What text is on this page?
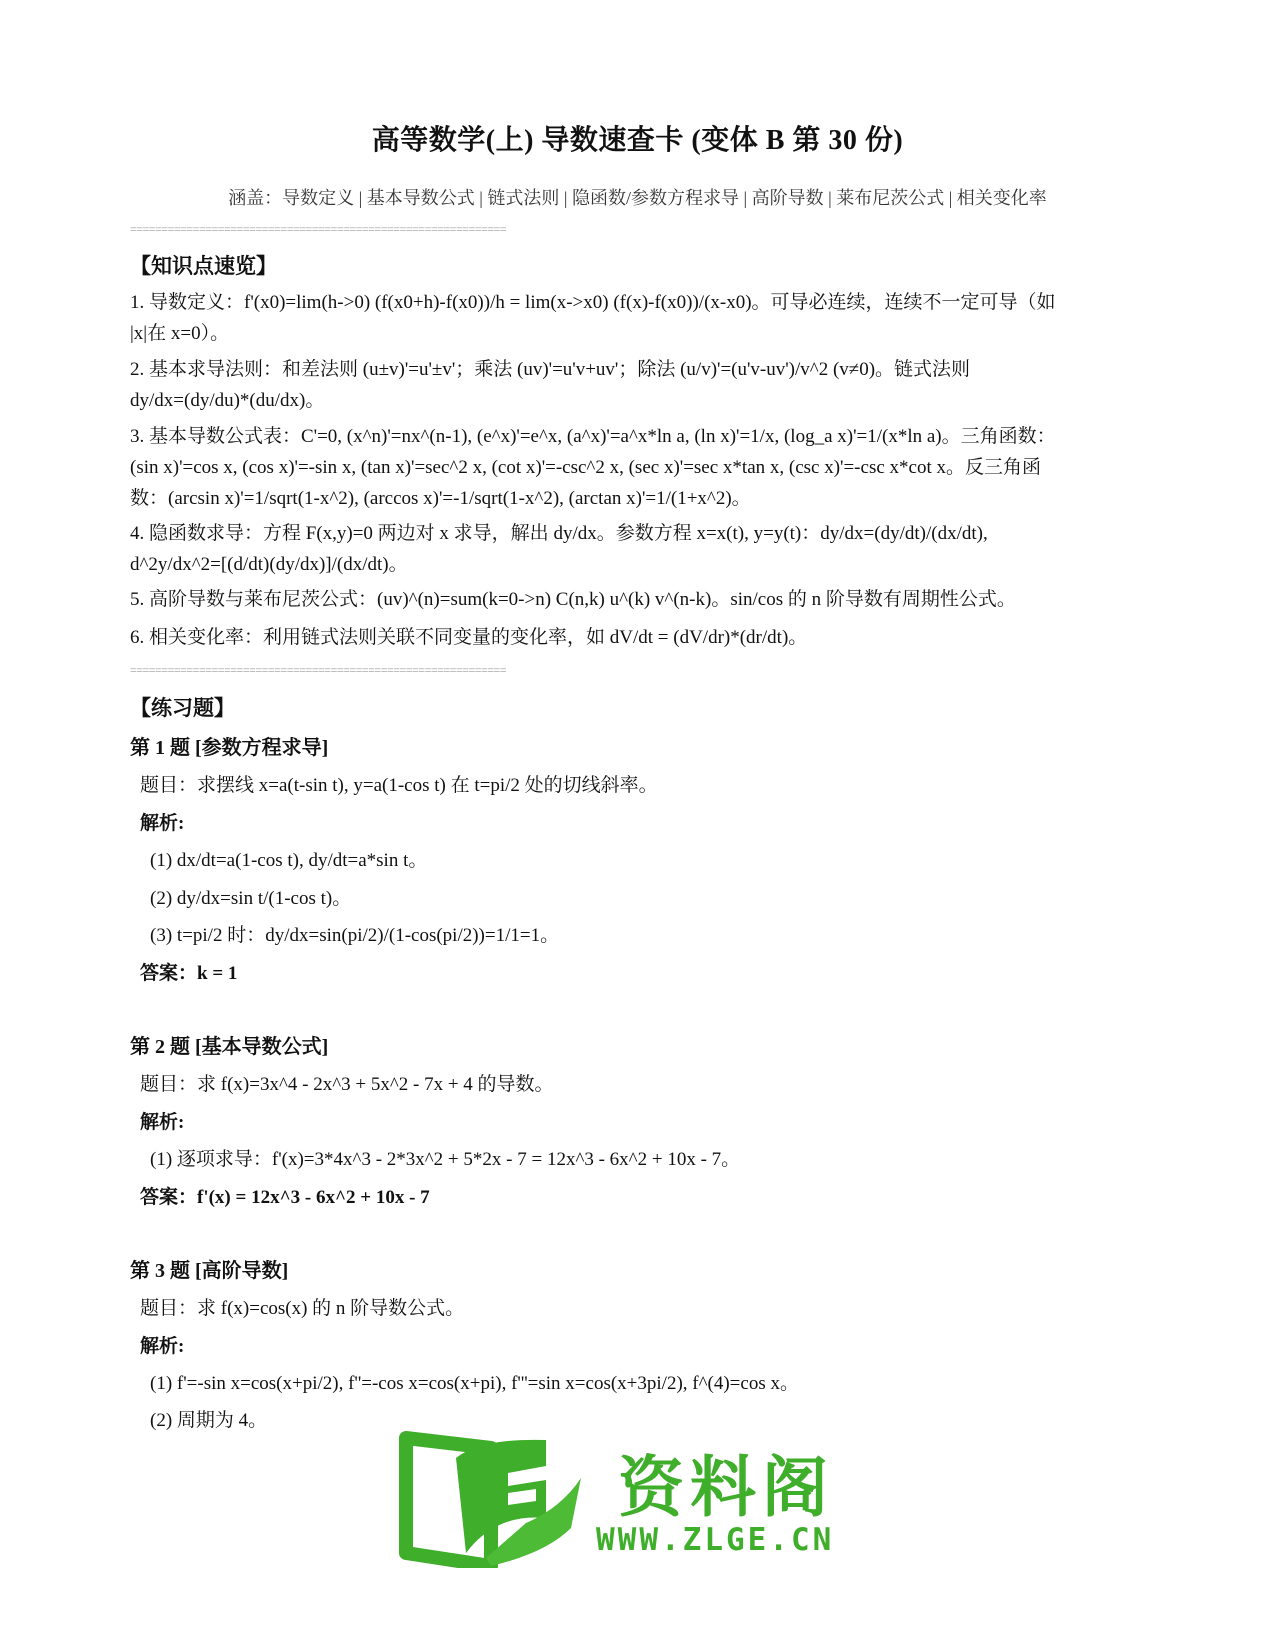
高等数学(上) 导数速查卡 (变体 B 第 30 份)
涵盖：导数定义 | 基本导数公式 | 链式法则 | 隐函数/参数方程求导 | 高阶导数 | 莱布尼茨公式 | 相关变化率
============================================================

【知识点速览】

1. 导数定义：f'(x0)=lim(h->0) (f(x0+h)-f(x0))/h = lim(x->x0) (f(x)-f(x0))/(x-x0)。可导必连续，连续不一定可导（如

|x|在 x=0）。

2. 基本求导法则：和差法则 (u±v)'=u'±v'；乘法 (uv)'=u'v+uv'；除法 (u/v)'=(u'v-uv')/v^2 (v≠0)。链式法则

dy/dx=(dy/du)*(du/dx)。

3. 基本导数公式表：C'=0, (x^n)'=nx^(n-1), (e^x)'=e^x, (a^x)'=a^x*ln a, (ln x)'=1/x, (log_a x)'=1/(x*ln a)。三角函数：

(sin x)'=cos x, (cos x)'=-sin x, (tan x)'=sec^2 x, (cot x)'=-csc^2 x, (sec x)'=sec x*tan x, (csc x)'=-csc x*cot x。反三角函

数：(arcsin x)'=1/sqrt(1-x^2), (arccos x)'=-1/sqrt(1-x^2), (arctan x)'=1/(1+x^2)。

4. 隐函数求导：方程 F(x,y)=0 两边对 x 求导，解出 dy/dx。参数方程 x=x(t), y=y(t)：dy/dx=(dy/dt)/(dx/dt),

d^2y/dx^2=[(d/dt)(dy/dx)]/(dx/dt)。

5. 高阶导数与莱布尼茨公式：(uv)^(n)=sum(k=0->n) C(n,k) u^(k) v^(n-k)。sin/cos 的 n 阶导数有周期性公式。

6. 相关变化率：利用链式法则关联不同变量的变化率，如 dV/dt = (dV/dr)*(dr/dt)。

============================================================

【练习题】

第 1 题 [参数方程求导]

题目：求摆线 x=a(t-sin t), y=a(1-cos t) 在 t=pi/2 处的切线斜率。

解析:

(1) dx/dt=a(1-cos t), dy/dt=a*sin t。

(2) dy/dx=sin t/(1-cos t)。

(3) t=pi/2 时：dy/dx=sin(pi/2)/(1-cos(pi/2))=1/1=1。

答案：k = 1

第 2 题 [基本导数公式]

题目：求 f(x)=3x^4 - 2x^3 + 5x^2 - 7x + 4 的导数。

解析:

(1) 逐项求导：f'(x)=3*4x^3 - 2*3x^2 + 5*2x - 7 = 12x^3 - 6x^2 + 10x - 7。

答案：f'(x) = 12x^3 - 6x^2 + 10x - 7

第 3 题 [高阶导数]

题目：求 f(x)=cos(x) 的 n 阶导数公式。

解析:

(1) f'=-sin x=cos(x+pi/2), f''=-cos x=cos(x+pi), f'''=sin x=cos(x+3pi/2), f^(4)=cos x。

(2) 周期为 4。

资料阁
WWW.ZLGE.CN
